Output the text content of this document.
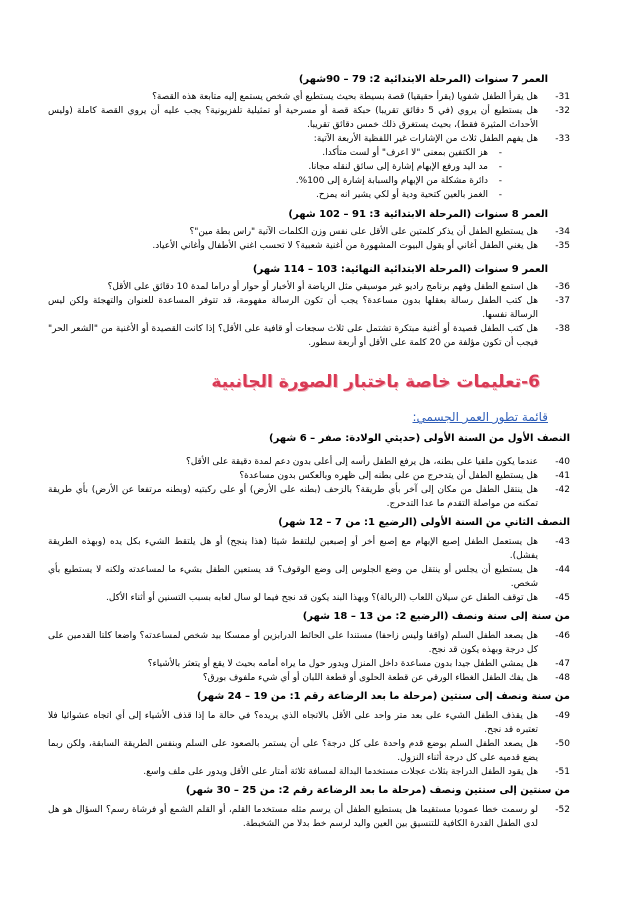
العمر 7 سنوات (المرحلة الابتدائية 2: 79 – 90شهر)
-31
هل يقرأ الطفل شفويا (يقرأ حقيقيا) قصة بسيطة بحيث يستطيع أي شخص يستمع إليه متابعة هذه القصة؟
-32
هل يستطيع أن يروي (في 5 دقائق تقريبا) حبكة قصة أو مسرحية أو تمثيلية تلفزيونية؟ يجب عليه أن يروي القصة كاملة (وليس الأحداث المثيرة فقط)، بحيث يستغرق ذلك خمس دقائق تقريبا.
-33
هل يفهم الطفل ثلاث من الإشارات غير اللفظية الأربعة الآتية:
-
هز الكتفين بمعنى "لا اعرف" أو لست متأكدا.
-
مد اليد ورفع الإبهام إشارة إلى سائق لنقله مجانا.
-
دائرة مشكلة من الإبهام والسبابة إشارة إلى 100%.
-
الغمز بالعين كتحية ودية أو لكي يشير انه يمزح.
العمر 8 سنوات (المرحلة الابتدائية 3: 91 – 102 شهر)
-34
هل يستطيع الطفل أن يذكر كلمتين على الأقل على نفس وزن الكلمات الآتية "راس بطة مين"؟
-35
هل يغني الطفل أغاني أو يقول البيوت المشهورة من أغنية شعبية؟ لا تحسب اغني الأطفال وأغاني الأعياد.
العمر 9 سنوات (المرحلة الابتدائية النهائية: 103 – 114 شهر)
-36
هل استمع الطفل وفهم برنامج راديو غير موسيقي مثل الرياضة أو الأخبار أو حوار أو دراما لمدة 10 دقائق على الأقل؟
-37
هل كتب الطفل رسالة بعقلها بدون مساعدة؟ يجب أن تكون الرسالة مفهومة، قد تتوفر المساعدة للعنوان والتهجئة ولكن ليس الرسالة نفسها.
-38
هل كتب الطفل قصيدة أو أغنية مبتكرة تشتمل على ثلاث سجعات أو قافية على الأقل؟ إذا كانت القصيدة أو الأغنية من "الشعر الحر" فيجب أن تكون مؤلفة من 20 كلمة على الأقل أو أربعة سطور.
6-تعليمات خاصة باختبار الصورة الجانبية
قائمة تطور العمر الجسمي:
النصف الأول من السنة الأولى (حديثي الولادة: صفر – 6 شهر)
-40
عندما يكون ملقيا على بطنه، هل يرفع الطفل رأسه إلى أعلى بدون دعم لمدة دقيقة على الأقل؟
-41
هل يستطيع الطفل أن يتدحرج من على بطنه إلى ظهره وبالعكس بدون مساعدة؟
-42
هل ينتقل الطفل من مكان إلى آخر بأي طريقة؟ بالزحف (بطنه على الأرض) أو على ركبتيه (وبطنه مرتفعا عن الأرض) بأي طريقة تمكنه من مواصلة التقدم ما عدا التدحرج.
النصف الثاني من السنة الأولى (الرضيع 1: من 7 – 12 شهر)
-43
هل يستعمل الطفل إصبع الإبهام مع إصبع أخر أو إصبعين ليلتقط شيئا (هذا ينجح) أو هل يلتقط الشيء بكل يده (وبهذه الطريقة يفشل).
-44
هل يستطيع أن يجلس أو ينتقل من وضع الجلوس إلى وضع الوقوف؟ قد يستعين الطفل بشيء ما لمساعدته ولكنه لا يستطيع بأي شخص.
-45
هل توقف الطفل عن سيلان اللعاب (الريالة)؟ وبهذا البند يكون قد نجح فيما لو سال لعابه بسبب التسنين أو أثناء الأكل.
من سنة إلى سنة ونصف (الرضيع 2: من 13 – 18 شهر)
-46
هل يصعد الطفل السلم (واقفا وليس زاحفا) مستندا على الحائط الدرابزين أو ممسكا بيد شخص لمساعدته؟ واضعا كلتا القدمين على كل درجة وبهذه يكون قد نجح.
-47
هل يمشي الطفل جيدا بدون مساعدة داخل المنزل ويدور حول ما يراه أمامه بحيث لا يقع أو يتعثر بالأشياء؟
-48
هل يفك الطفل الغطاء الورقي عن قطعة الحلوى أو قطعة اللبان أو أي شيء ملفوف بورق؟
من سنة ونصف إلى سنتين (مرحلة ما بعد الرضاعة رقم 1: من 19 – 24 شهر)
-49
هل يقذف الطفل الشيء على بعد متر واحد على الأقل بالاتجاه الذي يريده؟ في حالة ما إذا قذف الأشياء إلى أي اتجاه عشوائيا فلا تعتبره قد نجح.
-50
هل يصعد الطفل السلم بوضع قدم واحدة على كل درجة؟ على أن يستمر بالصعود على السلم وبنفس الطريقة السابقة، ولكن ربما يضع قدميه على كل درجة أثناء النزول.
-51
هل يقود الطفل الدراجة بثلاث عجلات مستخدما البدالة لمسافة ثلاثة أمتار على الأقل ويدور على ملف واسع.
من سنتين إلى سنتين ونصف (مرحلة ما بعد الرضاعة رقم 2: من 25 – 30 شهر)
-52
لو رسمت خطا عموديا مستقيما هل يستطيع الطفل أن يرسم مثله مستخدما القلم، أو القلم الشمع أو فرشاة رسم؟ السؤال هو هل لدى الطفل القدرة الكافية للتنسيق بين العين واليد لرسم خط بدلا من الشخبطة.
